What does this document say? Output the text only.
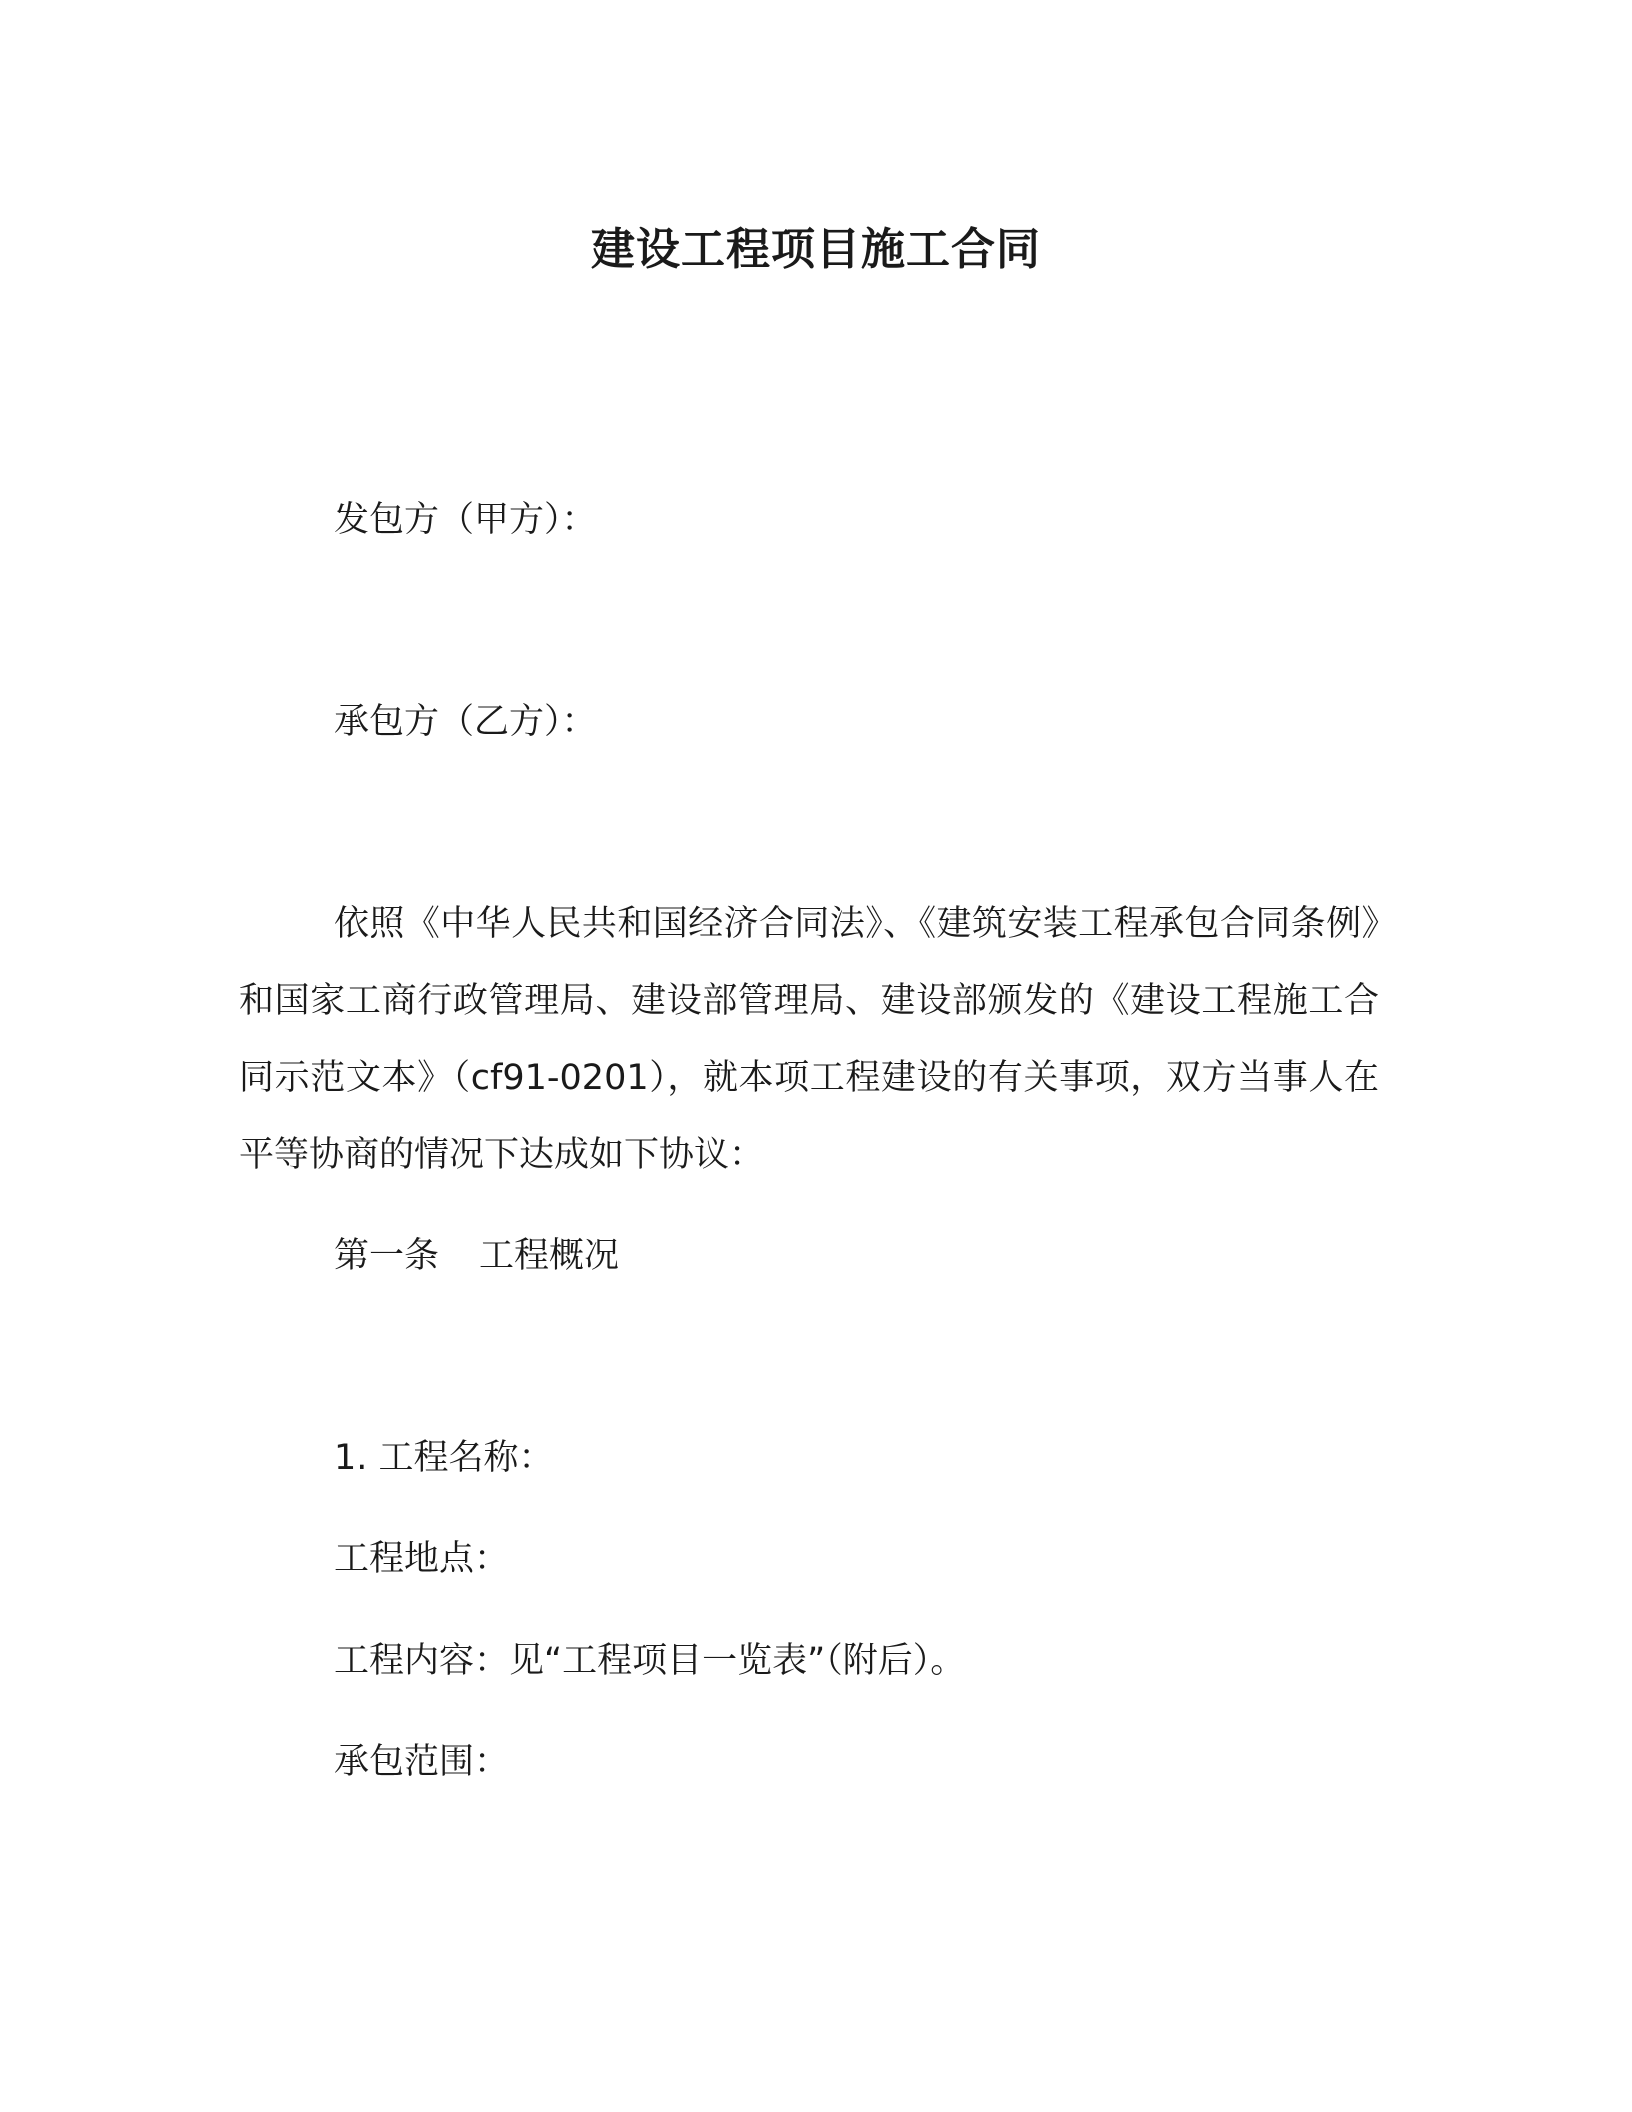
建设工程项目施工合同
发包方（甲方）：
承包方（乙方）：
依照《中华人民共和国经济合同法》、《建筑安装工程承包合同条例》和国家工商行政管理局、建设部管理局、建设部颁发的《建设工程施工合同示范文本》（cf91-0201），就本项工程建设的有关事项，双方当事人在平等协商的情况下达成如下协议：
第一条 工程概况
1. 工程名称：
工程地点：
工程内容：见“工程项目一览表”（附后）。
承包范围：
